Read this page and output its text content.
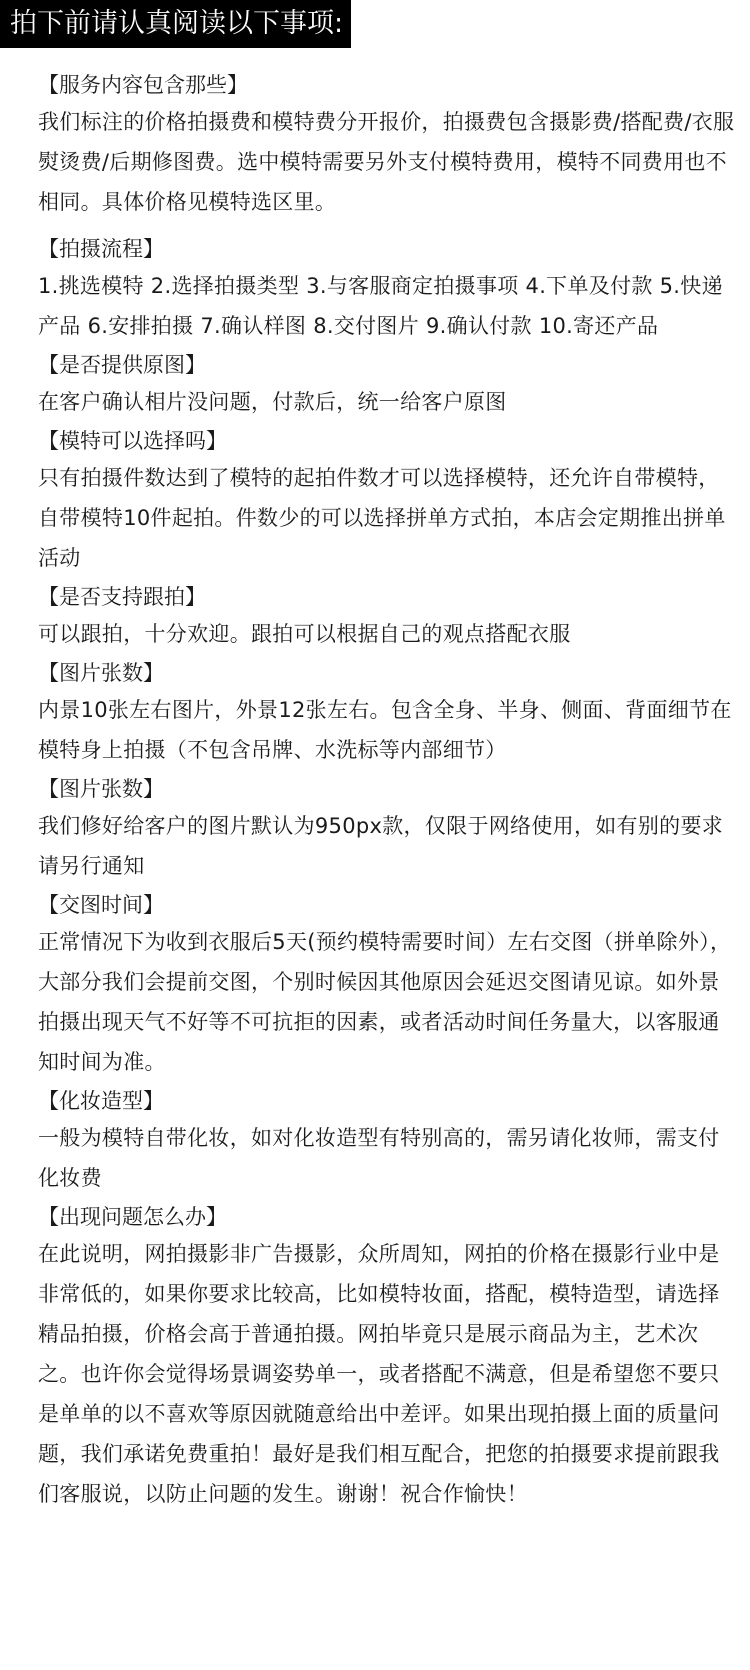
拍下前请认真阅读以下事项:

【服务内容包含那些】

我们标注的价格拍摄费和模特费分开报价，拍摄费包含摄影费/搭配费/衣服熨烫费/后期修图费。选中模特需要另外支付模特费用，模特不同费用也不相同。具体价格见模特选区里。

【拍摄流程】

1.挑选模特 2.选择拍摄类型 3.与客服商定拍摄事项 4.下单及付款 5.快递产品 6.安排拍摄 7.确认样图 8.交付图片 9.确认付款 10.寄还产品

【是否提供原图】

在客户确认相片没问题，付款后，统一给客户原图

【模特可以选择吗】

只有拍摄件数达到了模特的起拍件数才可以选择模特，还允许自带模特，自带模特10件起拍。件数少的可以选择拼单方式拍，本店会定期推出拼单活动

【是否支持跟拍】

可以跟拍，十分欢迎。跟拍可以根据自己的观点搭配衣服

【图片张数】

内景10张左右图片，外景12张左右。包含全身、半身、侧面、背面细节在模特身上拍摄（不包含吊牌、水洗标等内部细节）

【图片张数】

我们修好给客户的图片默认为950px款，仅限于网络使用，如有别的要求请另行通知

【交图时间】

正常情况下为收到衣服后5天(预约模特需要时间）左右交图（拼单除外），大部分我们会提前交图，个别时候因其他原因会延迟交图请见谅。如外景拍摄出现天气不好等不可抗拒的因素，或者活动时间任务量大，以客服通知时间为准。

【化妆造型】

一般为模特自带化妆，如对化妆造型有特别高的，需另请化妆师，需支付化妆费

【出现问题怎么办】

在此说明，网拍摄影非广告摄影，众所周知，网拍的价格在摄影行业中是非常低的，如果你要求比较高，比如模特妆面，搭配，模特造型，请选择精品拍摄，价格会高于普通拍摄。网拍毕竟只是展示商品为主，艺术次之。也许你会觉得场景调姿势单一，或者搭配不满意，但是希望您不要只是单单的以不喜欢等原因就随意给出中差评。如果出现拍摄上面的质量问题，我们承诺免费重拍！最好是我们相互配合，把您的拍摄要求提前跟我们客服说，以防止问题的发生。谢谢！祝合作愉快！
